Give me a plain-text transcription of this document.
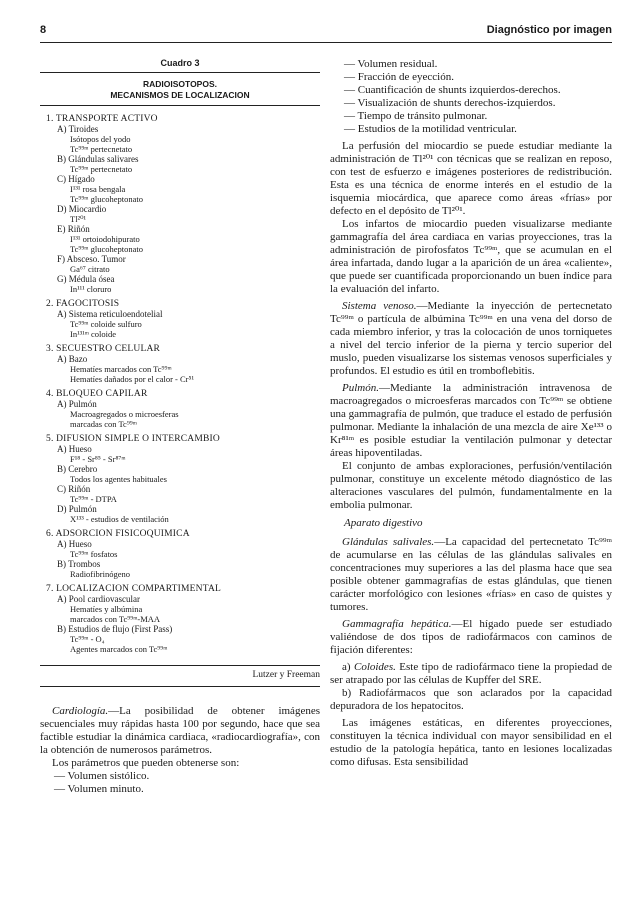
8	Diagnóstico por imagen
Cuadro 3
RADIOISOTOPOS.
MECANISMOS DE LOCALIZACION
1. TRANSPORTE ACTIVO
A) Tiroides
Isótopos del yodo
Tc⁹⁹ᵐ pertecnetato
B) Glándulas salivares
Tc⁹⁹ᵐ pertecnetato
C) Hígado
I¹³¹ rosa bengala
Tc⁹⁹ᵐ glucoheptonato
D) Miocardio
Tl²⁰¹
E) Riñón
I¹³¹ ortoiodohipurato
Tc⁹⁹ᵐ glucoheptonato
F) Absceso. Tumor
Ga⁶⁷ citrato
G) Médula ósea
In¹¹¹ cloruro
2. FAGOCITOSIS
A) Sistema reticuloendotelial
Tc⁹⁹ᵐ coloide sulfuro
In¹³¹ᵐ coloide
3. SECUESTRO CELULAR
A) Bazo
Hematíes marcados con Tc⁹⁹ᵐ
Hematíes dañados por el calor - Cr⁵¹
4. BLOQUEO CAPILAR
A) Pulmón
Macroagregados o microesferas
marcadas con Tc⁹⁹ᵐ
5. DIFUSION SIMPLE O INTERCAMBIO
A) Hueso
F¹⁸ - Sr⁸⁵ - Sr⁸⁷ᵐ
B) Cerebro
Todos los agentes habituales
C) Riñón
Tc⁹⁹ᵐ - DTPA
D) Pulmón
X¹³³ - estudios de ventilación
6. ADSORCION FISICOQUIMICA
A) Hueso
Tc⁹⁹ᵐ fosfatos
B) Trombos
Radiofibrinógeno
7. LOCALIZACION COMPARTIMENTAL
A) Pool cardiovascular
Hematíes y albúmina
marcados con Tc⁹⁹ᵐ-MAA
B) Estudios de flujo (First Pass)
Tc⁹⁹ᵐ - O₄
Agentes marcados con Tc⁹⁹ᵐ
Lutzer y Freeman

Cardiología.—La posibilidad de obtener imágenes secuenciales muy rápidas hasta 100 por segundo, hace que sea factible estudiar la dinámica cardiaca, «radiocardiografía», con la obtención de numerosos parámetros.

Los parámetros que pueden obtenerse son:

— Volumen sistólico.

— Volumen minuto.

— Volumen residual.

— Fracción de eyección.

— Cuantificación de shunts izquierdos-derechos.

— Visualización de shunts derechos-izquierdos.

— Tiempo de tránsito pulmonar.

— Estudios de la motilidad ventricular.

La perfusión del miocardio se puede estudiar mediante la administración de Tl²⁰¹ con técnicas que se realizan en reposo, con test de esfuerzo e imágenes posteriores de redistribución. Esta es una técnica de enorme interés en el estudio de la isquemia miocárdica, que aparece como áreas «frías» por defecto en el depósito de Tl²⁰¹.

Los infartos de miocardio pueden visualizarse mediante gammagrafía del área cardiaca en varias proyecciones, tras la administración de pirofosfatos Tc⁹⁹ᵐ, que se acumulan en el área infartada, dando lugar a la aparición de un área «caliente», que puede ser cuantificada proporcionando un buen índice para la evaluación del infarto.

Sistema venoso.—Mediante la inyección de pertecnetato Tc⁹⁹ᵐ o partícula de albúmina Tc⁹⁹ᵐ en una vena del dorso de cada miembro inferior, y tras la colocación de unos torniquetes a nivel del tercio inferior de la pierna y tercio superior del muslo, pueden visualizarse los sistemas venosos superficiales y profundos. El estudio es útil en tromboflebitis.

Pulmón.—Mediante la administración intravenosa de macroagregados o microesferas marcados con Tc⁹⁹ᵐ se obtiene una gammagrafía de pulmón, que traduce el estado de perfusión pulmonar. Mediante la inhalación de una mezcla de aire Xe¹³³ o Kr⁸¹ᵐ es posible estudiar la ventilación pulmonar y detectar áreas hipoventiladas.

El conjunto de ambas exploraciones, perfusión/ventilación pulmonar, constituye un excelente método diagnóstico de las alteraciones vasculares del pulmón, fundamentalmente en la embolia pulmonar.

Aparato digestivo

Glándulas salivales.—La capacidad del pertecnetato Tc⁹⁹ᵐ de acumularse en las células de las glándulas salivales en concentraciones muy superiores a las del plasma hace que sea posible obtener gammagrafías de estas glándulas, que tienen carácter morfológico con lesiones «frías» en caso de quistes y tumores.

Gammagrafía hepática.—El hígado puede ser estudiado valiéndose de dos tipos de radiofármacos con caminos de fijación diferentes:

a) Coloides. Este tipo de radiofármaco tiene la propiedad de ser atrapado por las células de Kupffer del SRE.

b) Radiofármacos que son aclarados por la capacidad depuradora de los hepatocitos.

Las imágenes estáticas, en diferentes proyecciones, constituyen la técnica individual con mayor sensibilidad en el estudio de la patología hepática, tanto en lesiones localizadas como difusas. Esta sensibilidad
